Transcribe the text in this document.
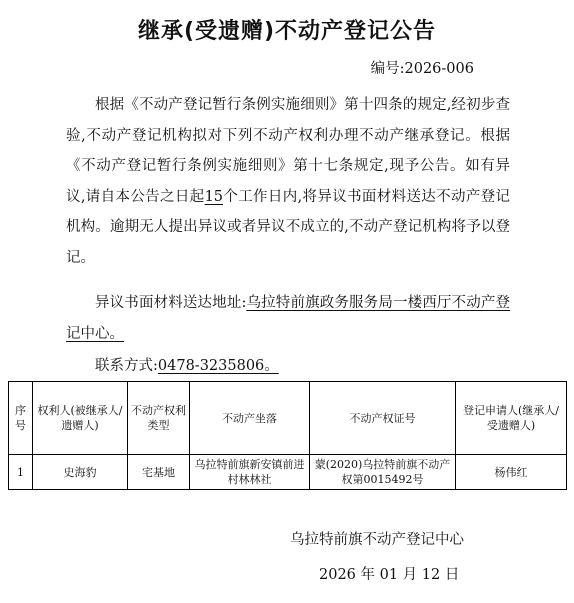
继承(受遗赠)不动产登记公告
编号:2026-006
根据《不动产登记暂行条例实施细则》第十四条的规定,经初步查验,不动产登记机构拟对下列不动产权利办理不动产继承登记。根据《不动产登记暂行条例实施细则》第十七条规定,现予公告。如有异议,请自本公告之日起15个工作日内,将异议书面材料送达不动产登记机构。逾期无人提出异议或者异议不成立的,不动产登记机构将予以登记。
异议书面材料送达地址:乌拉特前旗政务服务局一楼西厅不动产登记中心。
联系方式:0478-3235806。
序号	权利人(被继承人/遗赠人)	不动产权利类型	不动产坐落	不动产权证号	登记申请人(继承人/受遗赠人)
1	史海豹	宅基地	乌拉特前旗新安镇前进村林林社	蒙(2020)乌拉特前旗不动产权第0015492号	杨伟红
乌拉特前旗不动产登记中心
2026 年 01 月 12 日
